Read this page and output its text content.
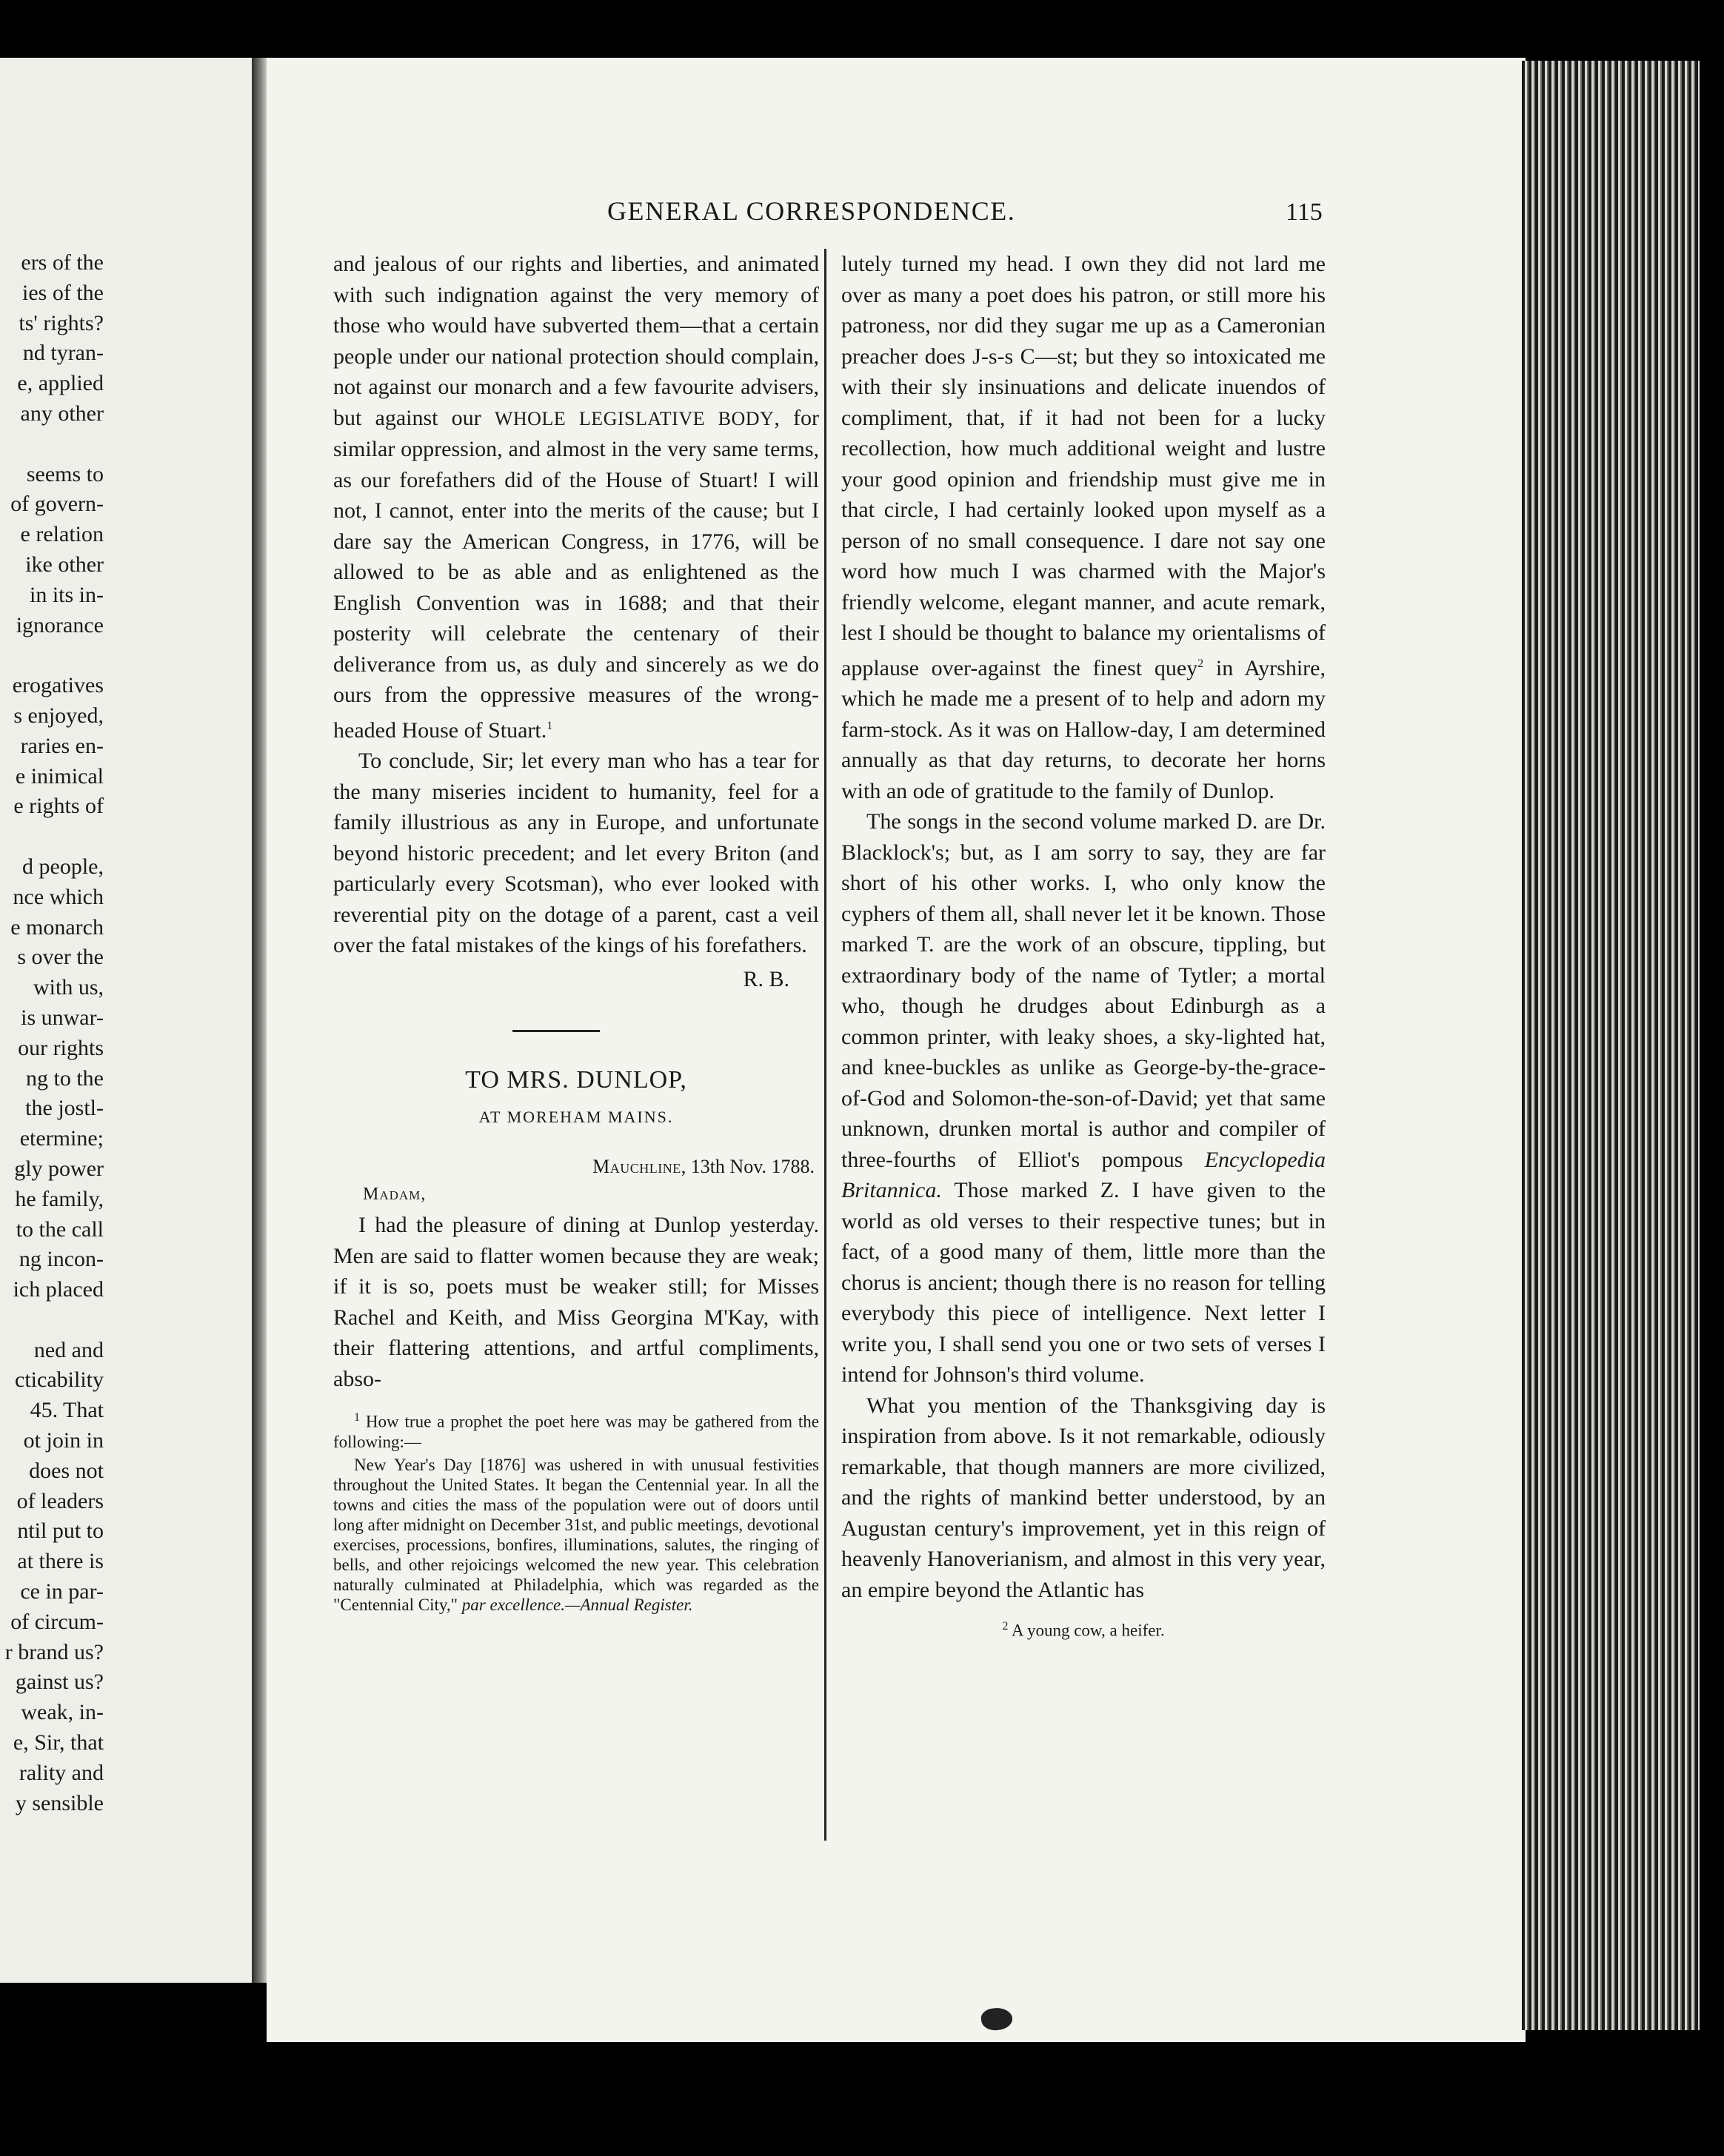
ers of the
ies of the
ts' rights?
nd tyran-
e, applied
any other
seems to
of govern-
e relation
ike other
in its in-
ignorance
erogatives
s enjoyed,
raries en-
e inimical
e rights of
d people,
nce which
e monarch
s over the
with us,
is unwar-
our rights
ng to the
the jostl-
etermine;
gly power
he family,
to the call
ng incon-
ich placed
ned and
cticability
45. That
ot join in
does not
of leaders
ntil put to
at there is
ce in par-
of circum-
r brand us?
gainst us?
weak, in-
e, Sir, that
rality and
y sensible
GENERAL CORRESPONDENCE.	115

and jealous of our rights and liberties, and animated with such indignation against the very memory of those who would have subverted them—that a certain people under our national protection should complain, not against our monarch and a few favourite advisers, but against our WHOLE LEGISLATIVE BODY, for similar oppression, and almost in the very same terms, as our forefathers did of the House of Stuart! I will not, I cannot, enter into the merits of the cause; but I dare say the American Congress, in 1776, will be allowed to be as able and as enlightened as the English Convention was in 1688; and that their posterity will celebrate the centenary of their deliverance from us, as duly and sincerely as we do ours from the oppressive measures of the wrong-headed House of Stuart.$^1$

To conclude, Sir; let every man who has a tear for the many miseries incident to humanity, feel for a family illustrious as any in Europe, and unfortunate beyond historic precedent; and let every Briton (and particularly every Scotsman), who ever looked with reverential pity on the dotage of a parent, cast a veil over the fatal mistakes of the kings of his forefathers.

R. B.

TO MRS. DUNLOP,

AT MOREHAM MAINS.

Mauchline, 13th Nov. 1788.

Madam,

I had the pleasure of dining at Dunlop yesterday. Men are said to flatter women because they are weak; if it is so, poets must be weaker still; for Misses Rachel and Keith, and Miss Georgina M'Kay, with their flattering attentions, and artful compliments, abso-

$^1$ How true a prophet the poet here was may be gathered from the following:—

New Year's Day [1876] was ushered in with unusual festivities throughout the United States. It began the Centennial year. In all the towns and cities the mass of the population were out of doors until long after midnight on December 31st, and public meetings, devotional exercises, processions, bonfires, illuminations, salutes, the ringing of bells, and other rejoicings welcomed the new year. This celebration naturally culminated at Philadelphia, which was regarded as the "Centennial City," par excellence.—Annual Register.

lutely turned my head. I own they did not lard me over as many a poet does his patron, or still more his patroness, nor did they sugar me up as a Cameronian preacher does J-s-s C—st; but they so intoxicated me with their sly insinuations and delicate inuendos of compliment, that, if it had not been for a lucky recollection, how much additional weight and lustre your good opinion and friendship must give me in that circle, I had certainly looked upon myself as a person of no small consequence. I dare not say one word how much I was charmed with the Major's friendly welcome, elegant manner, and acute remark, lest I should be thought to balance my orientalisms of applause over-against the finest quey$^2$ in Ayrshire, which he made me a present of to help and adorn my farm-stock. As it was on Hallow-day, I am determined annually as that day returns, to decorate her horns with an ode of gratitude to the family of Dunlop.

The songs in the second volume marked D. are Dr. Blacklock's; but, as I am sorry to say, they are far short of his other works. I, who only know the cyphers of them all, shall never let it be known. Those marked T. are the work of an obscure, tippling, but extraordinary body of the name of Tytler; a mortal who, though he drudges about Edinburgh as a common printer, with leaky shoes, a sky-lighted hat, and knee-buckles as unlike as George-by-the-grace-of-God and Solomon-the-son-of-David; yet that same unknown, drunken mortal is author and compiler of three-fourths of Elliot's pompous Encyclopedia Britannica. Those marked Z. I have given to the world as old verses to their respective tunes; but in fact, of a good many of them, little more than the chorus is ancient; though there is no reason for telling everybody this piece of intelligence. Next letter I write you, I shall send you one or two sets of verses I intend for Johnson's third volume.

What you mention of the Thanksgiving day is inspiration from above. Is it not remarkable, odiously remarkable, that though manners are more civilized, and the rights of mankind better understood, by an Augustan century's improvement, yet in this reign of heavenly Hanoverianism, and almost in this very year, an empire beyond the Atlantic has

$^2$ A young cow, a heifer.
